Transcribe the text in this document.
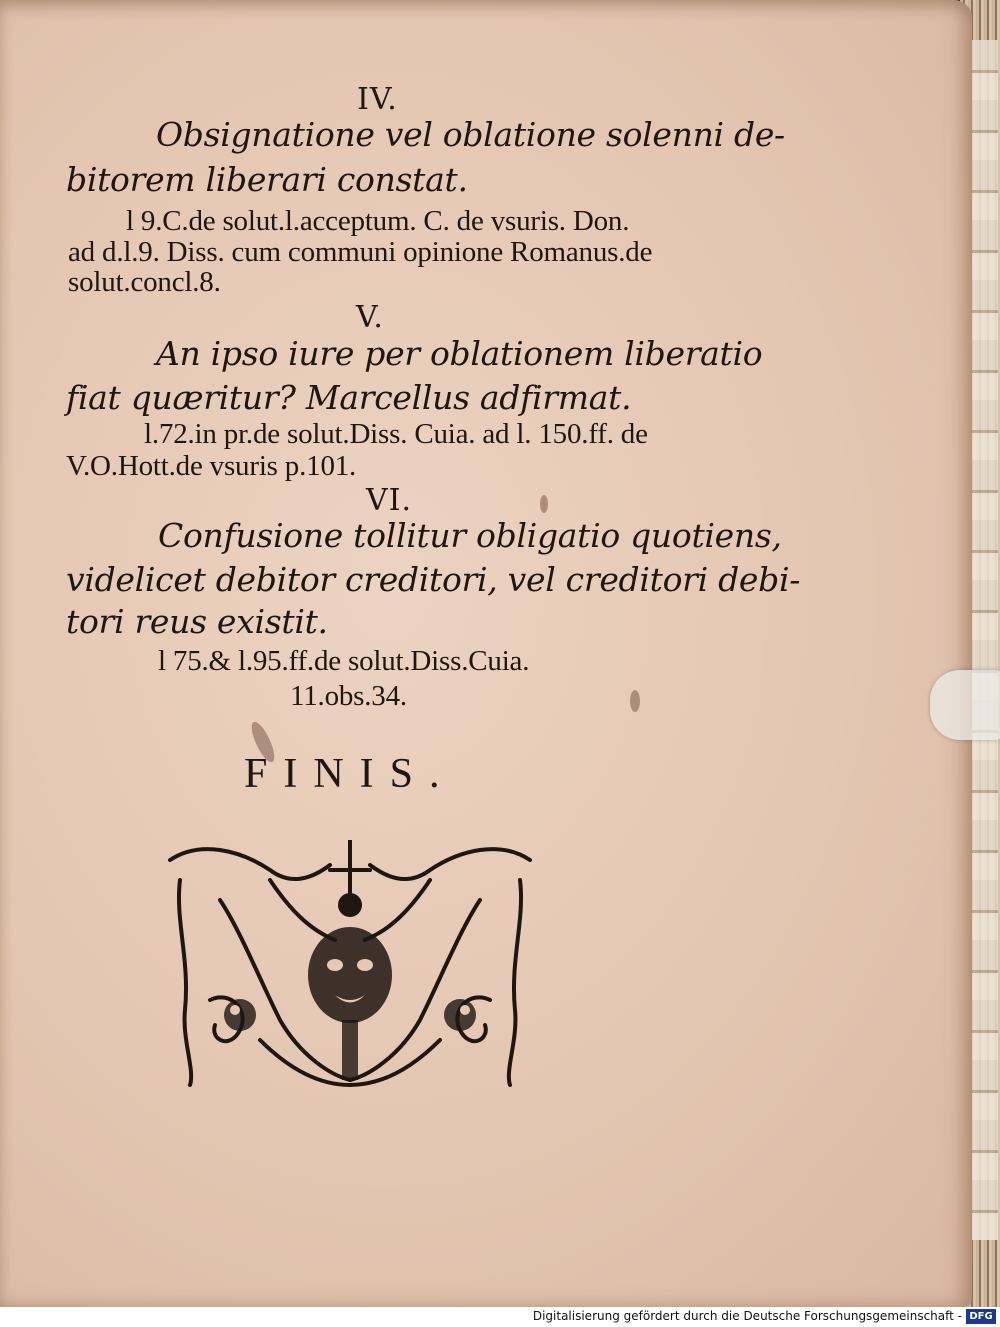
IV.
Obsignatione vel oblatione solenni de-
bitorem liberari constat.
l 9.C.de solut.l.acceptum. C. de vsuris. Don.
ad d.l.9. Diss. cum communi opinione Romanus.de
solut.concl.8.
V.
An ipso iure per oblationem liberatio
fiat quæritur? Marcellus adfirmat.
l.72.in pr.de solut.Diss. Cuia. ad l. 150.ff. de
V.O.Hott.de vsuris p.101.
VI.
Confusione tollitur obligatio quotiens,
videlicet debitor creditori, vel creditori debi-
tori reus existit.
l 75.& l.95.ff.de solut.Diss.Cuia.
11.obs.34.
FINIS.
Digitalisierung gefördert durch die Deutsche Forschungsgemeinschaft - DFG
